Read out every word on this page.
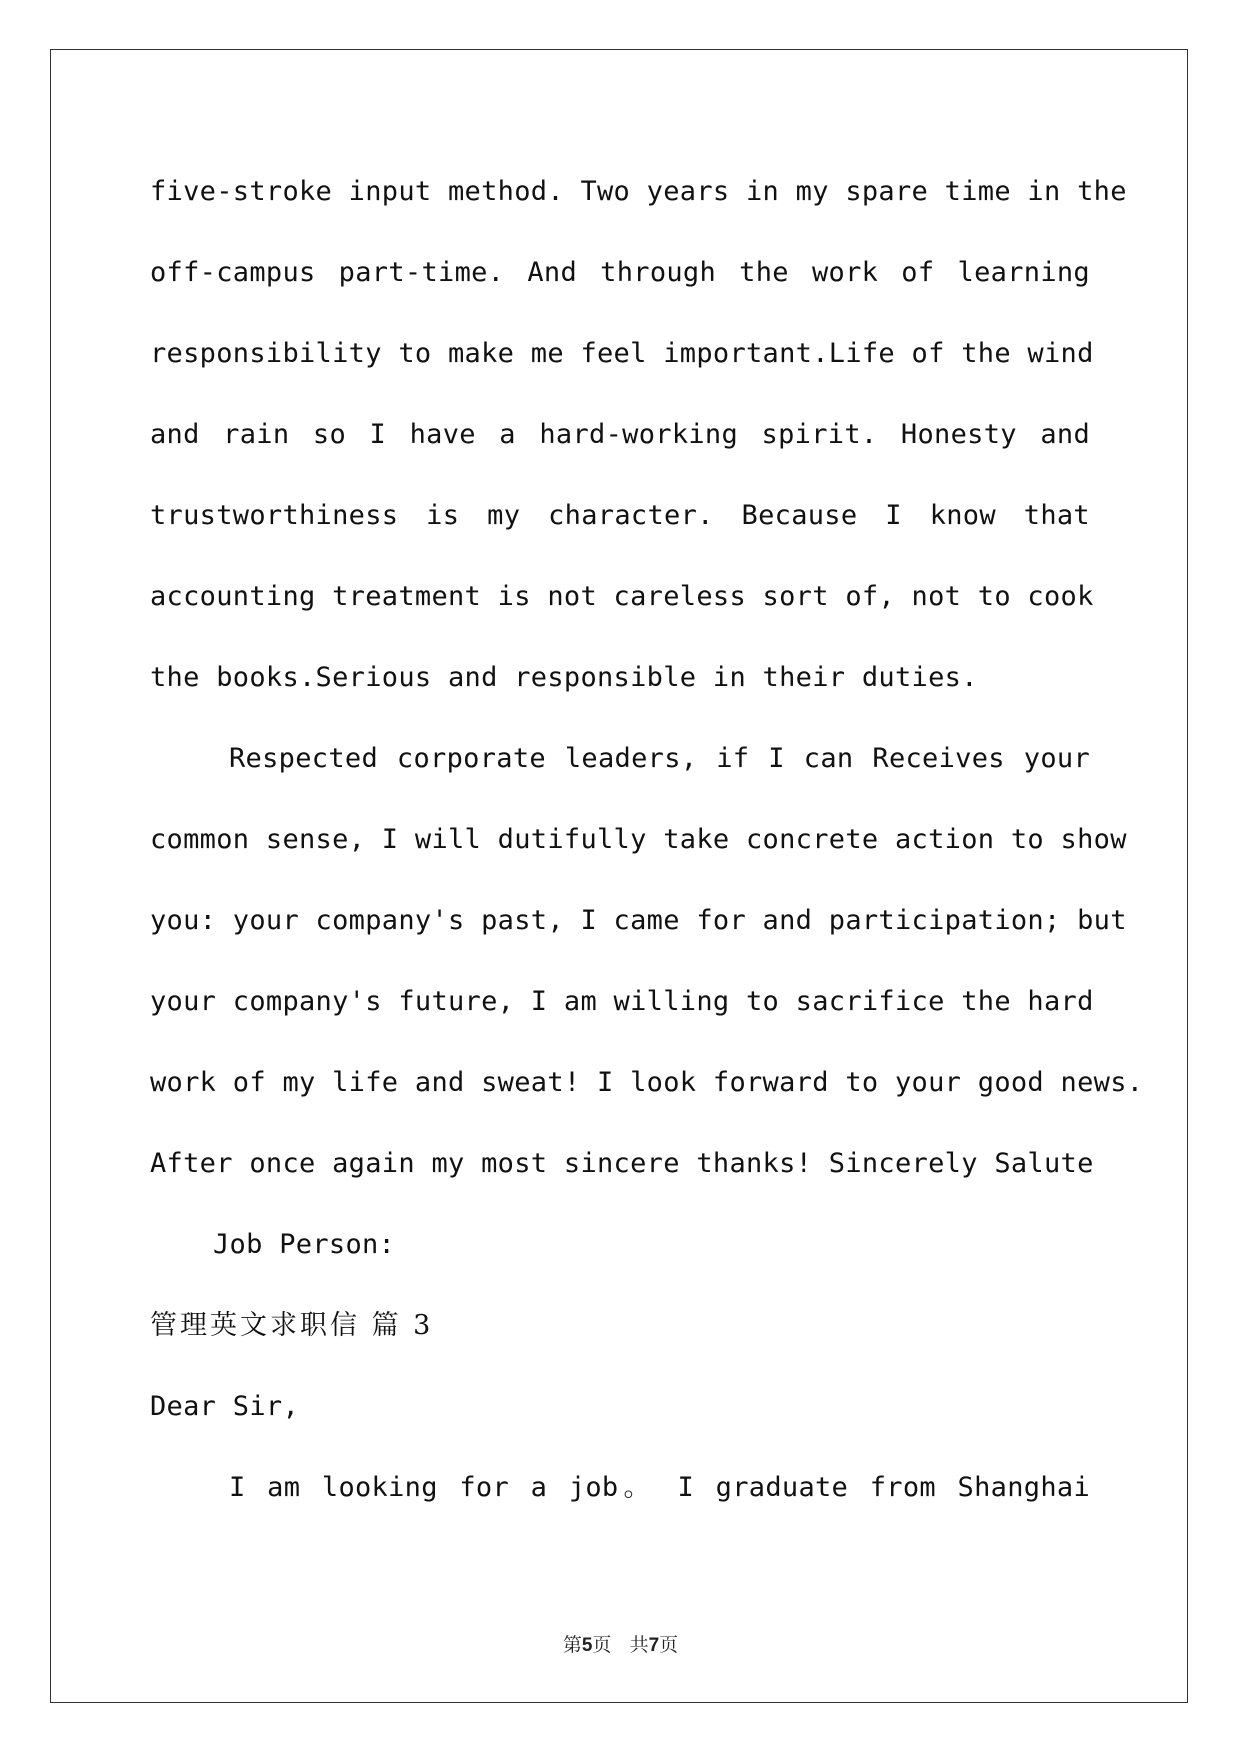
five-stroke input method. Two years in my spare time in the
off-campus part-time. And through the work of learning
responsibility to make me feel important.Life of the wind
and rain so I have a hard-working spirit. Honesty and
trustworthiness is my character. Because I know that
accounting treatment is not careless sort of, not to cook
the books.Serious and responsible in their duties.
Respected corporate leaders, if I can Receives your
common sense, I will dutifully take concrete action to show
you: your company's past, I came for and participation; but
your company's future, I am willing to sacrifice the hard
work of my life and sweat! I look forward to your good news.
After once again my most sincere thanks! Sincerely Salute
Job Person:
管理英文求职信 篇 3
Dear Sir,
I am looking for a job。 I graduate from Shanghai
第5页 共7页
